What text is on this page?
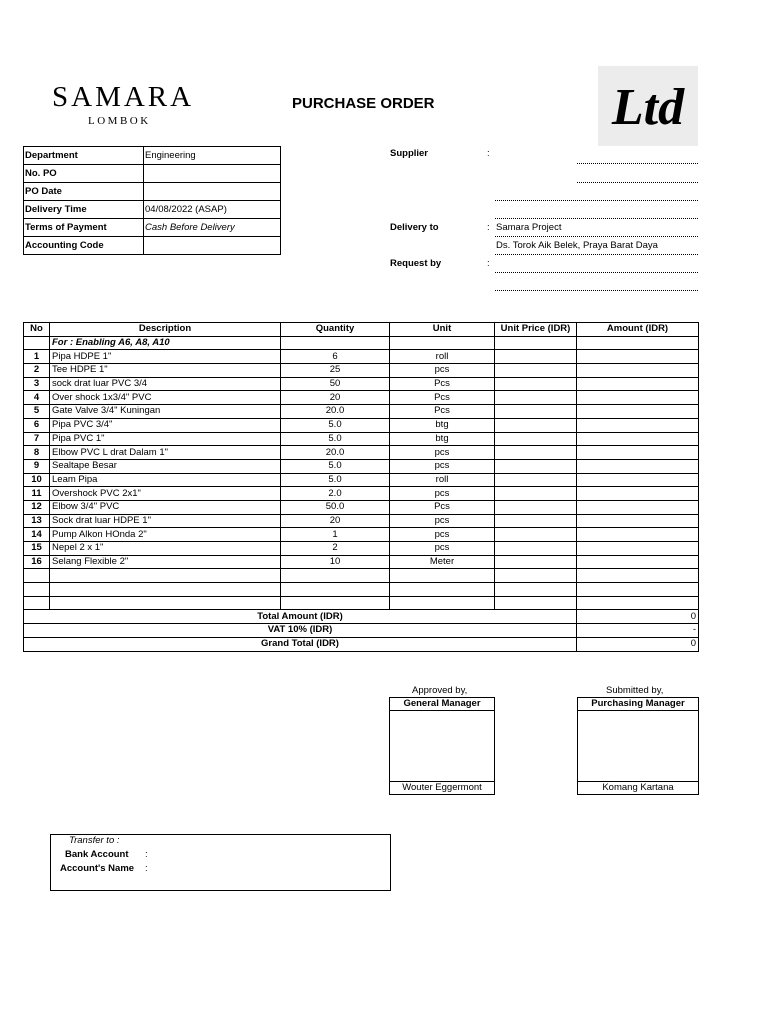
SAMARA
LOMBOK
PURCHASE ORDER	Ltd
Department	Engineering
No. PO	
PO Date	
Delivery Time	04/08/2022 (ASAP)
Terms of Payment	Cash Before Delivery
Accounting Code	
Supplier	:
Delivery to	: Samara Project
Ds. Torok Aik Belek, Praya Barat Daya
Request by	:
No	Description	Quantity	Unit	Unit Price (IDR)	Amount (IDR)
	For : Enabling A6, A8, A10				
1	Pipa HDPE 1"	6	roll		
2	Tee HDPE 1"	25	pcs		
3	sock drat luar PVC 3/4	50	Pcs		
4	Over shock 1x3/4" PVC	20	Pcs		
5	Gate Valve 3/4" Kuningan	20.0	Pcs		
6	Pipa PVC 3/4"	5.0	btg		
7	Pipa PVC 1"	5.0	btg		
8	Elbow PVC L drat Dalam 1"	20.0	pcs		
9	Sealtape Besar	5.0	pcs		
10	Leam Pipa	5.0	roll		
11	Overshock PVC 2x1"	2.0	pcs		
12	Elbow 3/4" PVC	50.0	Pcs		
13	Sock drat luar HDPE 1"	20	pcs		
14	Pump Alkon HOnda 2"	1	pcs		
15	Nepel 2 x 1"	2	pcs		
16	Selang Flexible 2"	10	Meter		

Total Amount (IDR)					0
VAT 10% (IDR)					-
Grand Total (IDR)					0
Approved by,	Submitted by,
General Manager
Wouter Eggermont
Purchasing Manager
Komang Kartana
Transfer to :
Bank Account :
Account's Name :
